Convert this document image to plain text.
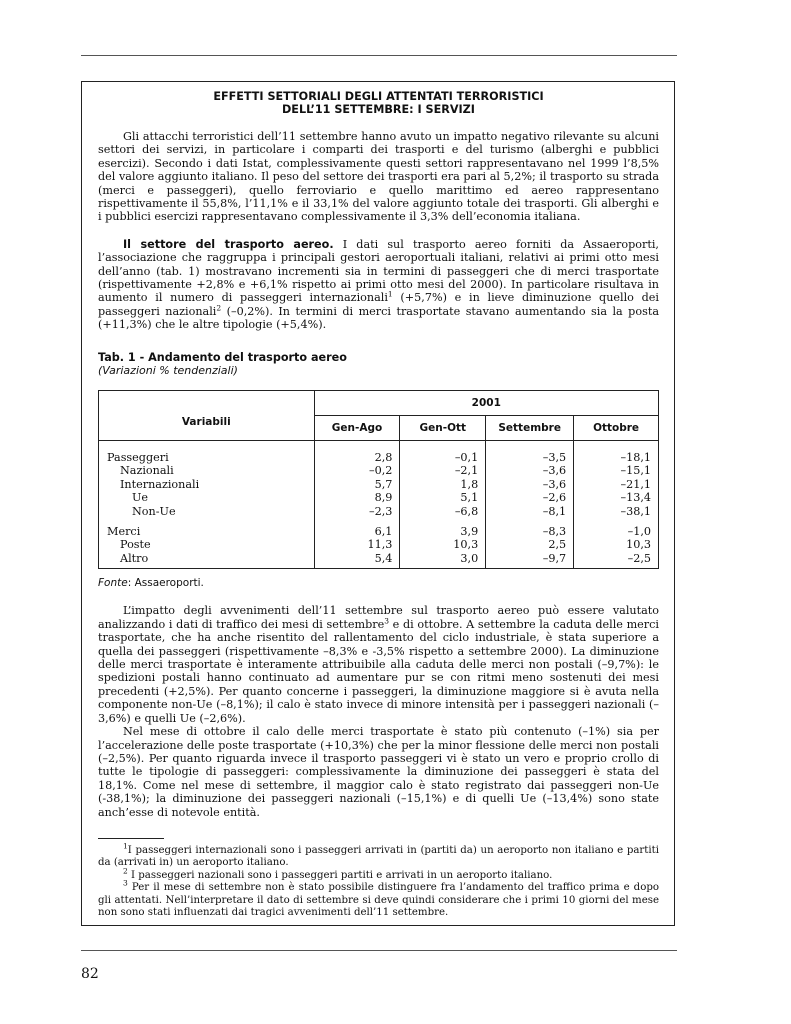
EFFETTI SETTORIALI DEGLI ATTENTATI TERRORISTICI
DELL’11 SETTEMBRE: I SERVIZI

Gli attacchi terroristici dell’11 settembre hanno avuto un impatto negativo rilevante su alcuni settori dei servizi, in particolare i comparti dei trasporti e del turismo (alberghi e pubblici esercizi). Secondo i dati Istat, complessivamente questi settori rappresentavano nel 1999 l’8,5% del valore aggiunto italiano. Il peso del settore dei trasporti era pari al 5,2%; il trasporto su strada (merci e passeggeri), quello ferroviario e quello marittimo ed aereo rappresentano rispettivamente il 55,8%, l’11,1% e il 33,1% del valore aggiunto totale dei trasporti. Gli alberghi e i pubblici esercizi rappresentavano complessivamente il 3,3% dell’economia italiana.

Il settore del trasporto aereo. I dati sul trasporto aereo forniti da Assaeroporti, l’associazione che raggruppa i principali gestori aeroportuali italiani, relativi ai primi otto mesi dell’anno (tab. 1) mostravano incrementi sia in termini di passeggeri che di merci trasportate (rispettivamente +2,8% e +6,1% rispetto ai primi otto mesi del 2000). In particolare risultava in aumento il numero di passeggeri internazionali$^1$ (+5,7%) e in lieve diminuzione quello dei passeggeri nazionali$^2$ (–0,2%). In termini di merci trasportate stavano aumentando sia la posta (+11,3%) che le altre tipologie (+5,4%).

Tab. 1 - Andamento del trasporto aereo
(Variazioni % tendenziali)
Variabili	2001			
	Gen-Ago	Gen-Ott	Settembre	Ottobre

Passeggeri	2,8	–0,1	–3,5	–18,1
Nazionali	–0,2	–2,1	–3,6	–15,1
Internazionali	5,7	1,8	–3,6	–21,1
Ue	8,9	5,1	–2,6	–13,4
Non-Ue	–2,3	–6,8	–8,1	–38,1

Merci	6,1	3,9	–8,3	–1,0
Poste	11,3	10,3	2,5	10,3
Altro	5,4	3,0	–9,7	–2,5

Fonte: Assaeroporti.

L’impatto degli avvenimenti dell’11 settembre sul trasporto aereo può essere valutato analizzando i dati di traffico dei mesi di settembre$^3$ e di ottobre. A settembre la caduta delle merci trasportate, che ha anche risentito del rallentamento del ciclo industriale, è stata superiore a quella dei passeggeri (rispettivamente –8,3% e -3,5% rispetto a settembre 2000). La diminuzione delle merci trasportate è interamente attribuibile alla caduta delle merci non postali (–9,7%): le spedizioni postali hanno continuato ad aumentare pur se con ritmi meno sostenuti dei mesi precedenti (+2,5%). Per quanto concerne i passeggeri, la diminuzione maggiore si è avuta nella componente non-Ue (–8,1%); il calo è stato invece di minore intensità per i passeggeri nazionali (–3,6%) e quelli Ue (–2,6%).

Nel mese di ottobre il calo delle merci trasportate è stato più contenuto (–1%) sia per l’accelerazione delle poste trasportate (+10,3%) che per la minor flessione delle merci non postali (–2,5%). Per quanto riguarda invece il trasporto passeggeri vi è stato un vero e proprio crollo di tutte le tipologie di passeggeri: complessivamente la diminuzione dei passeggeri è stata del 18,1%. Come nel mese di settembre, il maggior calo è stato registrato dai passeggeri non-Ue (-38,1%); la diminuzione dei passeggeri nazionali (–15,1%) e di quelli Ue (–13,4%) sono state anch’esse di notevole entità.

$^1$I passeggeri internazionali sono i passeggeri arrivati in (partiti da) un aeroporto non italiano e partiti da (arrivati in) un aeroporto italiano.

$^2$ I passeggeri nazionali sono i passeggeri partiti e arrivati in un aeroporto italiano.

$^3$ Per il mese di settembre non è stato possibile distinguere fra l’andamento del traffico prima e dopo gli attentati. Nell’interpretare il dato di settembre si deve quindi considerare che i primi 10 giorni del mese non sono stati influenzati dai tragici avvenimenti dell’11 settembre.

82
